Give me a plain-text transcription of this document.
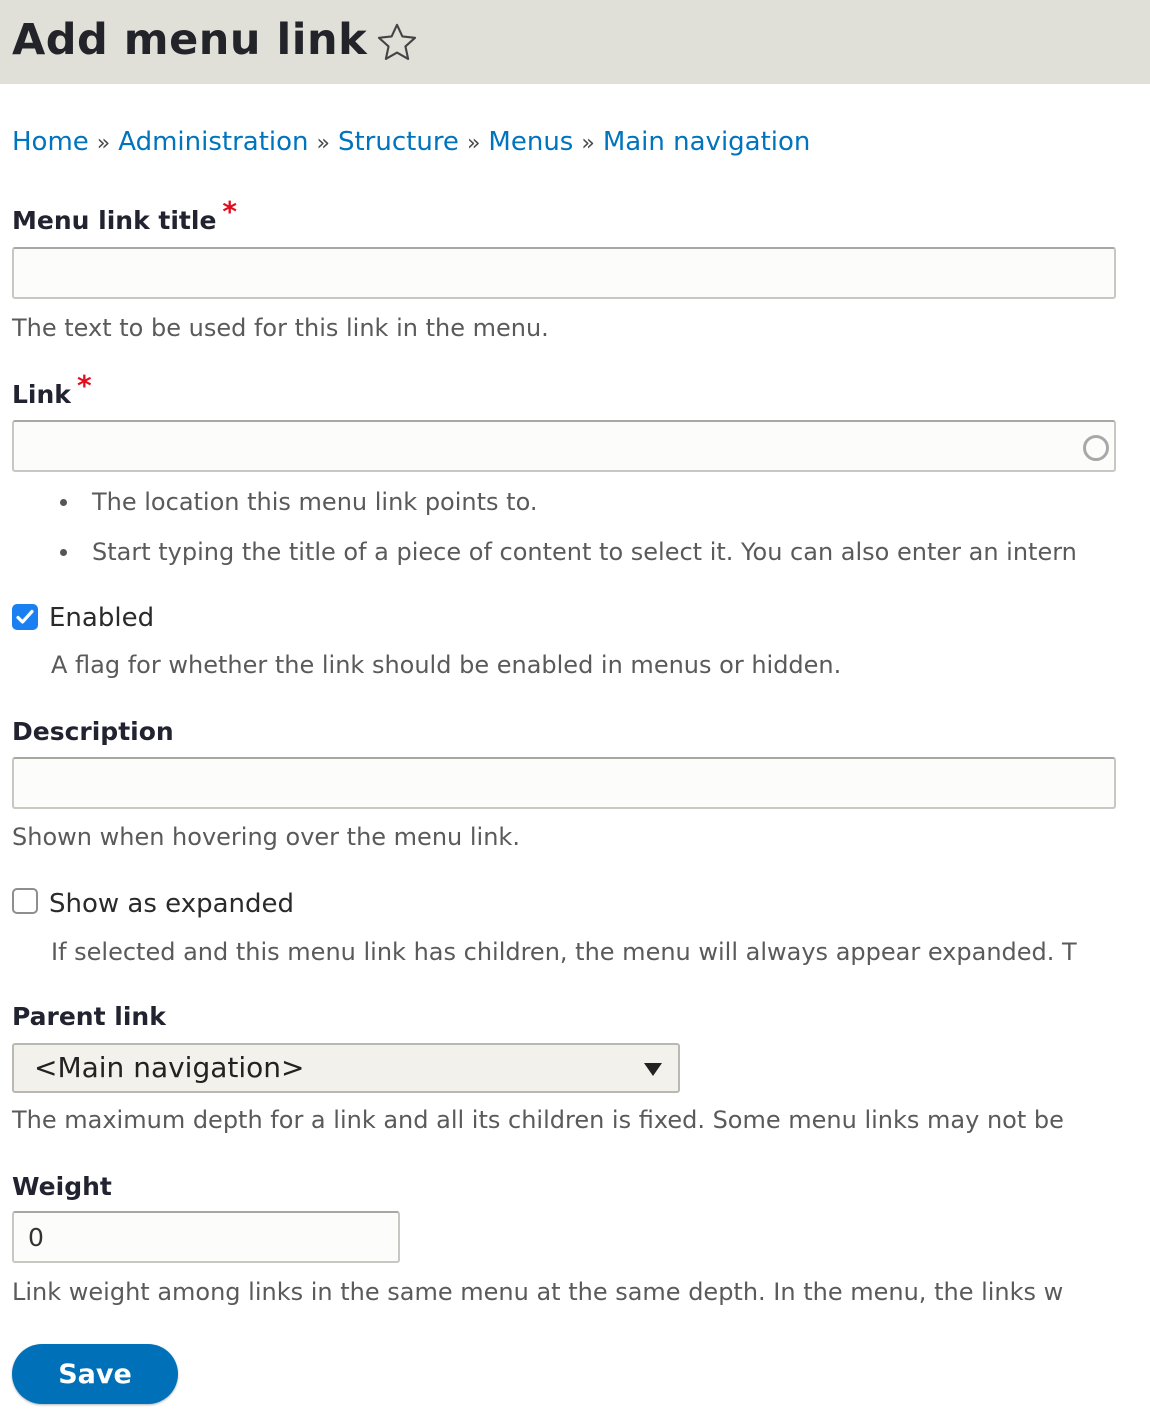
Add menu link
Home » Administration » Structure » Menus » Main navigation
Menu link title *
The text to be used for this link in the menu.
Link *
The location this menu link points to.
Start typing the title of a piece of content to select it. You can also enter an intern
Enabled
A flag for whether the link should be enabled in menus or hidden.
Description
Shown when hovering over the menu link.
Show as expanded
If selected and this menu link has children, the menu will always appear expanded. T
Parent link
<Main navigation>
The maximum depth for a link and all its children is fixed. Some menu links may not be
Weight
0
Link weight among links in the same menu at the same depth. In the menu, the links w
Save
